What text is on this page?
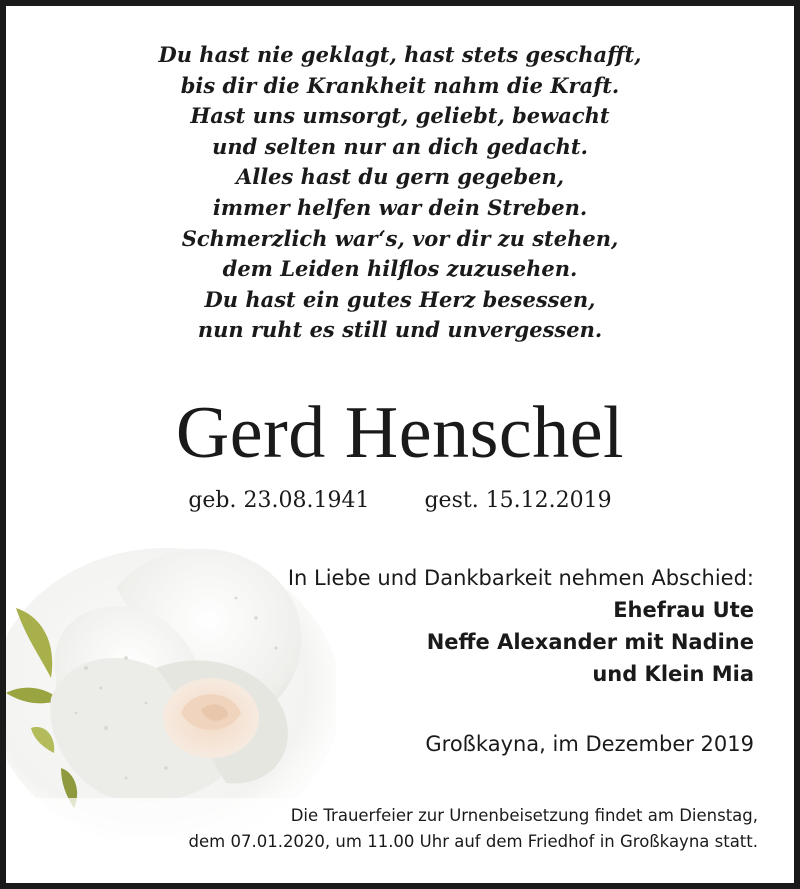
Du hast nie geklagt, hast stets geschafft,
bis dir die Krankheit nahm die Kraft.
Hast uns umsorgt, geliebt, bewacht
und selten nur an dich gedacht.
Alles hast du gern gegeben,
immer helfen war dein Streben.
Schmerzlich war‘s, vor dir zu stehen,
dem Leiden hilflos zuzusehen.
Du hast ein gutes Herz besessen,
nun ruht es still und unvergessen.
Gerd Henschel
geb. 23.08.1941	gest. 15.12.2019
In Liebe und Dankbarkeit nehmen Abschied:
Ehefrau Ute
Neffe Alexander mit Nadine
und Klein Mia
Großkayna, im Dezember 2019
Die Trauerfeier zur Urnenbeisetzung findet am Dienstag,
dem 07.01.2020, um 11.00 Uhr auf dem Friedhof in Großkayna statt.
